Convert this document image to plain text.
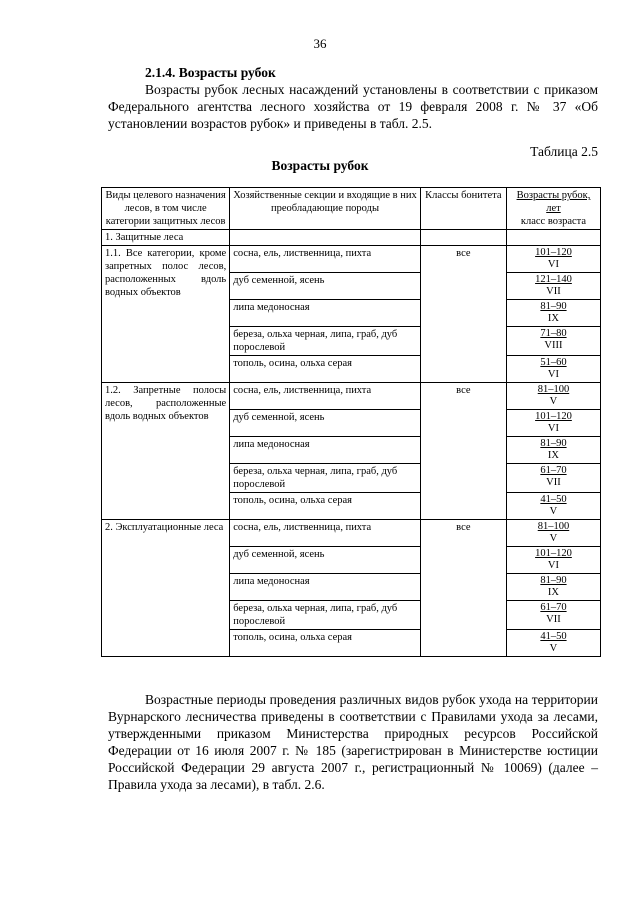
36
2.1.4. Возрасты рубок
Возрасты рубок лесных насаждений установлены в соответствии с приказом Федерального агентства лесного хозяйства от 19 февраля 2008 г. № 37 «Об установлении возрастов рубок» и приведены в табл. 2.5.
Таблица 2.5
Возрасты рубок
Виды целевого назначения лесов, в том числе категории защитных лесов	Хозяйственные секции и входящие в них преобладающие породы	Классы бонитета	Возрасты рубок, лет
класс возраста
1. Защитные леса			
1.1. Все категории, кроме запретных полос лесов, расположенных вдоль водных объектов	сосна, ель, лиственница, пихта	все	101–120
VI
	дуб семенной, ясень		121–140
VII
	липа медоносная		81–90
IX
	береза, ольха черная, липа, граб, дуб порослевой		71–80
VIII
	тополь, осина, ольха серая		51–60
VI
1.2. Запретные полосы лесов, расположенные вдоль водных объектов	сосна, ель, лиственница, пихта	все	81–100
V
	дуб семенной, ясень		101–120
VI
	липа медоносная		81–90
IX
	береза, ольха черная, липа, граб, дуб порослевой		61–70
VII
	тополь, осина, ольха серая		41–50
V
2. Эксплуатационные леса	сосна, ель, лиственница, пихта	все	81–100
V
	дуб семенной, ясень		101–120
VI
	липа медоносная		81–90
IX
	береза, ольха черная, липа, граб, дуб порослевой		61–70
VII
	тополь, осина, ольха серая		41–50
V
Возрастные периоды проведения различных видов рубок ухода на территории Вурнарского лесничества приведены в соответствии с Правилами ухода за лесами, утвержденными приказом Министерства природных ресурсов Российской Федерации от 16 июля 2007 г. № 185 (зарегистрирован в Министерстве юстиции Российской Федерации 29 августа 2007 г., регистрационный № 10069) (далее – Правила ухода за лесами), в табл. 2.6.
